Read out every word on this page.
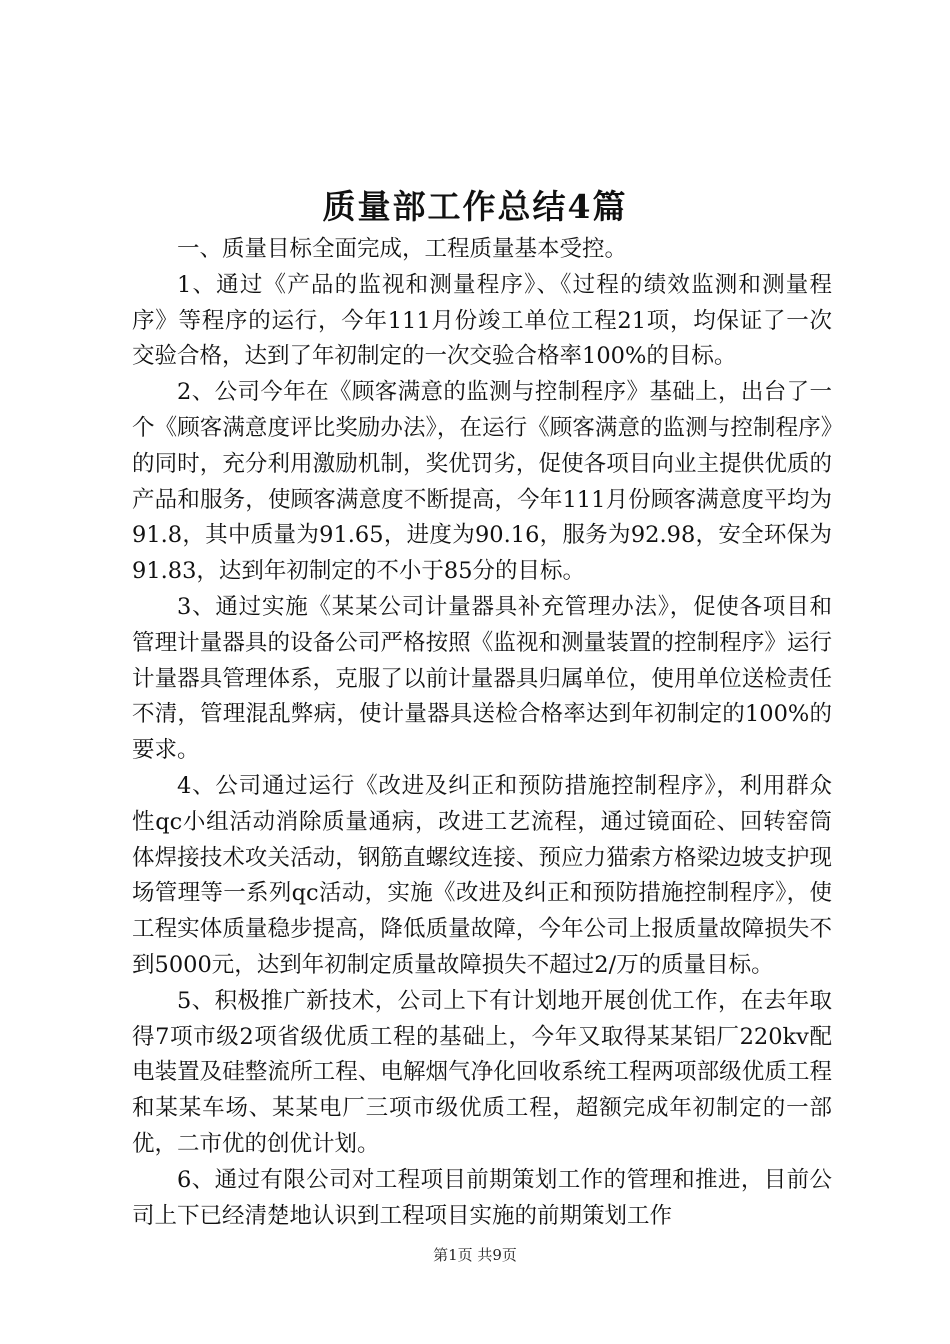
质量部工作总结4篇

一、质量目标全面完成，工程质量基本受控。

1、通过《产品的监视和测量程序》、《过程的绩效监测和测量程序》等程序的运行，今年111月份竣工单位工程21项，均保证了一次交验合格，达到了年初制定的一次交验合格率100%的目标。

2、公司今年在《顾客满意的监测与控制程序》基础上，出台了一个《顾客满意度评比奖励办法》，在运行《顾客满意的监测与控制程序》的同时，充分利用激励机制，奖优罚劣，促使各项目向业主提供优质的产品和服务，使顾客满意度不断提高，今年111月份顾客满意度平均为91.8，其中质量为91.65，进度为90.16，服务为92.98，安全环保为91.83，达到年初制定的不小于85分的目标。

3、通过实施《某某公司计量器具补充管理办法》，促使各项目和管理计量器具的设备公司严格按照《监视和测量装置的控制程序》运行计量器具管理体系，克服了以前计量器具归属单位，使用单位送检责任不清，管理混乱弊病，使计量器具送检合格率达到年初制定的100%的要求。

4、公司通过运行《改进及纠正和预防措施控制程序》，利用群众性qc小组活动消除质量通病，改进工艺流程，通过镜面砼、回转窑筒体焊接技术攻关活动，钢筋直螺纹连接、预应力猫索方格梁边坡支护现场管理等一系列qc活动，实施《改进及纠正和预防措施控制程序》，使工程实体质量稳步提高，降低质量故障，今年公司上报质量故障损失不到5000元，达到年初制定质量故障损失不超过2/万的质量目标。

5、积极推广新技术，公司上下有计划地开展创优工作，在去年取得7项市级2项省级优质工程的基础上，今年又取得某某铝厂220kv配电装置及硅整流所工程、电解烟气净化回收系统工程两项部级优质工程和某某车场、某某电厂三项市级优质工程，超额完成年初制定的一部优，二市优的创优计划。

6、通过有限公司对工程项目前期策划工作的管理和推进，目前公司上下已经清楚地认识到工程项目实施的前期策划工作

第1页 共9页
